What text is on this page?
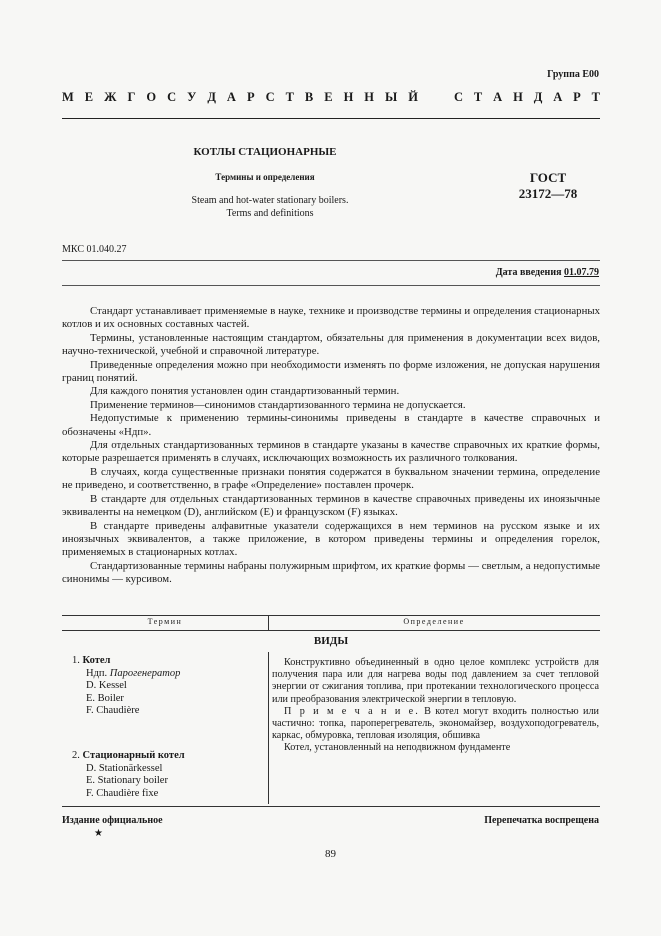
Группа Е00
М Е Ж Г О С У Д А Р С Т В Е Н Н Ы Й	С Т А Н Д А Р Т
КОТЛЫ СТАЦИОНАРНЫЕ
Термины и определения
Steam and hot-water stationary boilers.
Terms and definitions
ГОСТ
23172—78
МКС 01.040.27
Дата введения 01.07.79

Стандарт устанавливает применяемые в науке, технике и производстве термины и определения стационарных котлов и их основных составных частей.

Термины, установленные настоящим стандартом, обязательны для применения в документации всех видов, научно-технической, учебной и справочной литературе.

Приведенные определения можно при необходимости изменять по форме изложения, не допуская нарушения границ понятий.

Для каждого понятия установлен один стандартизованный термин.

Применение терминов—синонимов стандартизованного термина не допускается.

Недопустимые к применению термины-синонимы приведены в стандарте в качестве справочных и обозначены «Ндп».

Для отдельных стандартизованных терминов в стандарте указаны в качестве справочных их краткие формы, которые разрешается применять в случаях, исключающих возможность их различного толкования.

В случаях, когда существенные признаки понятия содержатся в буквальном значении термина, определение не приведено, и соответственно, в графе «Определение» поставлен прочерк.

В стандарте для отдельных стандартизованных терминов в качестве справочных приведены их иноязычные эквиваленты на немецком (D), английском (Е) и французском (F) языках.

В стандарте приведены алфавитные указатели содержащихся в нем терминов на русском языке и их иноязычных эквивалентов, а также приложение, в котором приведены термины и определения горелок, применяемых в стационарных котлах.

Стандартизованные термины набраны полужирным шрифтом, их краткие формы — светлым, а недопустимые синонимы — курсивом.

Термин	Определение
ВИДЫ
1. Котел
Ндп. Парогенератор
D. Kessel
E. Boiler
F. Chaudière
2. Стационарный котел
D. Stationärkessel
E. Stationary boiler
F. Chaudière fixe

Конструктивно объединенный в одно целое комплекс устройств для получения пара или для нагрева воды под давлением за счет тепловой энергии от сжигания топлива, при протекании технологического процесса или преобразования электрической энергии в тепловую.

П р и м е ч а н и е. В котел могут входить полностью или частично: топка, пароперегреватель, экономайзер, воздухоподогреватель, каркас, обмуровка, тепловая изоляция, обшивка

Котел, установленный на неподвижном фундаменте

Издание официальное
★
Перепечатка воспрещена
89
